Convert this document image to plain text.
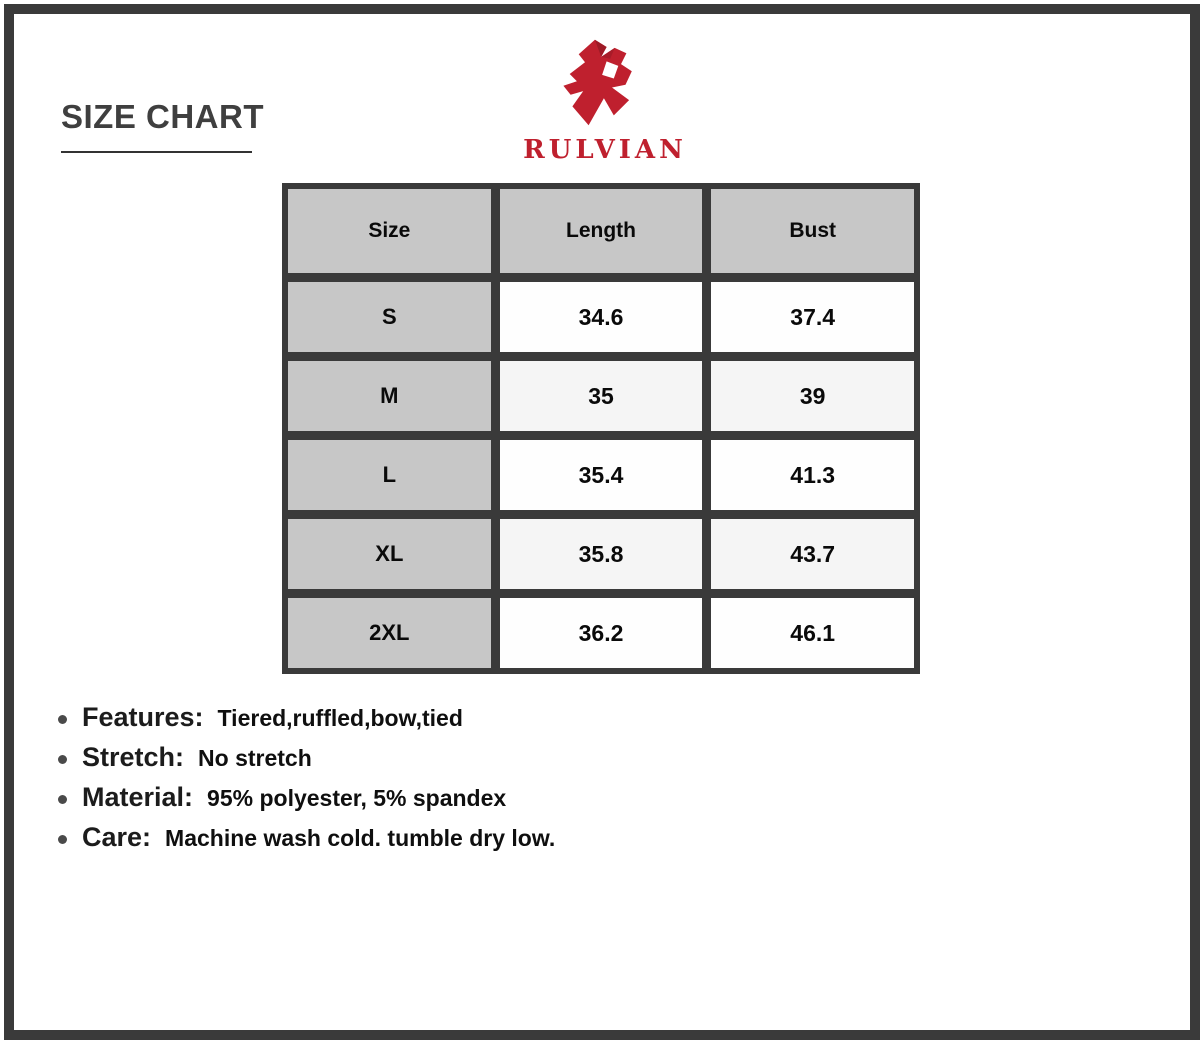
SIZE CHART
RULVIAN
Size	Length	Bust
S	34.6	37.4
M	35	39
L	35.4	41.3
XL	35.8	43.7
2XL	36.2	46.1
Features: Tiered,ruffled,bow,tied
Stretch: No stretch
Material: 95% polyester, 5% spandex
Care: Machine wash cold. tumble dry low.
